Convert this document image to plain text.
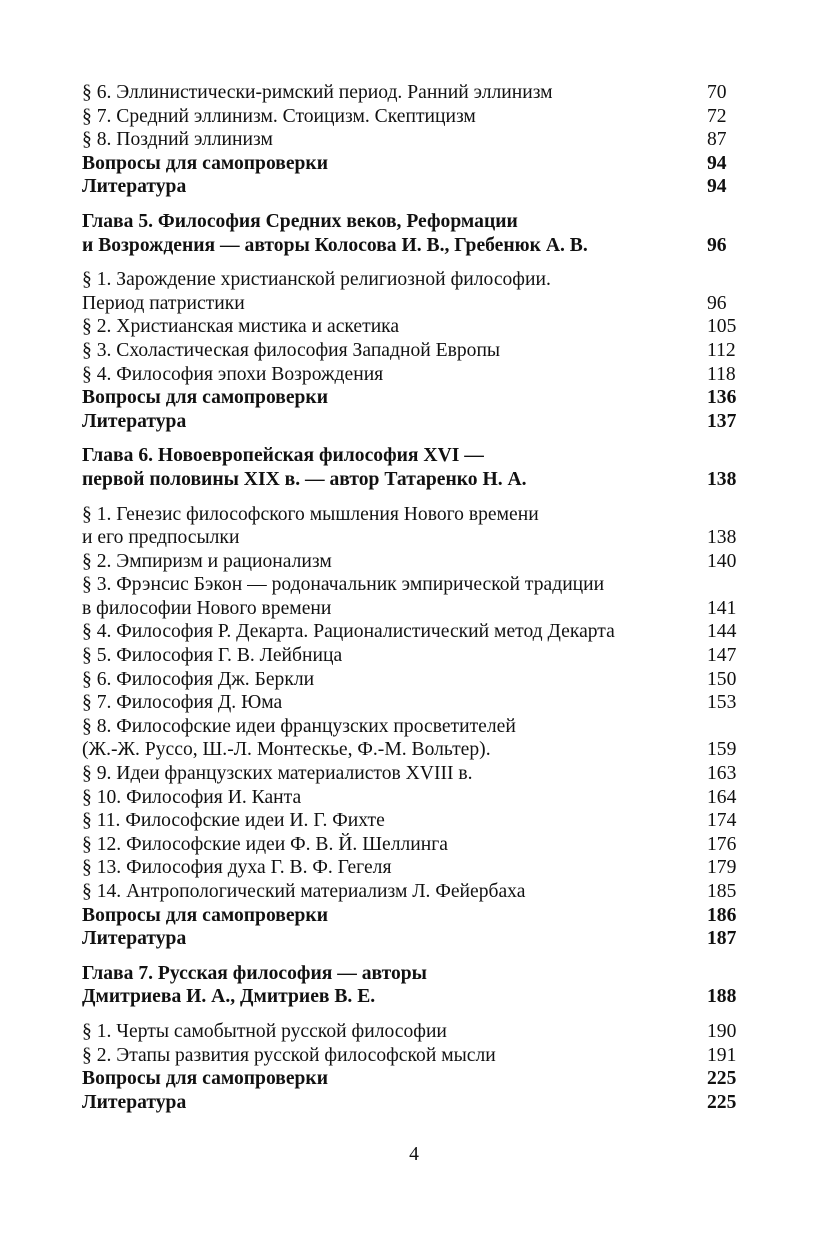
§ 6. Эллинистически-римский период. Ранний эллинизм	70
§ 7. Средний эллинизм. Стоицизм. Скептицизм	72
§ 8. Поздний эллинизм	87
Вопросы для самопроверки	94
Литература	94
Глава 5. Философия Средних веков, Реформации
и Возрождения — авторы Колосова И. В., Гребенюк А. В.	96
§ 1. Зарождение христианской религиозной философии.
Период патристики	96
§ 2. Христианская мистика и аскетика	105
§ 3. Схоластическая философия Западной Европы	112
§ 4. Философия эпохи Возрождения	118
Вопросы для самопроверки	136
Литература	137
Глава 6. Новоевропейская философия XVI —
первой половины XIX в. — автор Татаренко Н. А.	138
§ 1. Генезис философского мышления Нового времени
и его предпосылки	138
§ 2. Эмпиризм и рационализм	140
§ 3. Фрэнсис Бэкон — родоначальник эмпирической традиции
в философии Нового времени	141
§ 4. Философия Р. Декарта. Рационалистический метод Декарта	144
§ 5. Философия Г. В. Лейбница	147
§ 6. Философия Дж. Беркли	150
§ 7. Философия Д. Юма	153
§ 8. Философские идеи французских просветителей
(Ж.-Ж. Руссо, Ш.-Л. Монтескье, Ф.-М. Вольтер).	159
§ 9. Идеи французских материалистов XVIII в.	163
§ 10. Философия И. Канта	164
§ 11. Философские идеи И. Г. Фихте	174
§ 12. Философские идеи Ф. В. Й. Шеллинга	176
§ 13. Философия духа Г. В. Ф. Гегеля	179
§ 14. Антропологический материализм Л. Фейербаха	185
Вопросы для самопроверки	186
Литература	187
Глава 7. Русская философия — авторы
Дмитриева И. А., Дмитриев В. Е.	188
§ 1. Черты самобытной русской философии	190
§ 2. Этапы развития русской философской мысли	191
Вопросы для самопроверки	225
Литература	225
4
